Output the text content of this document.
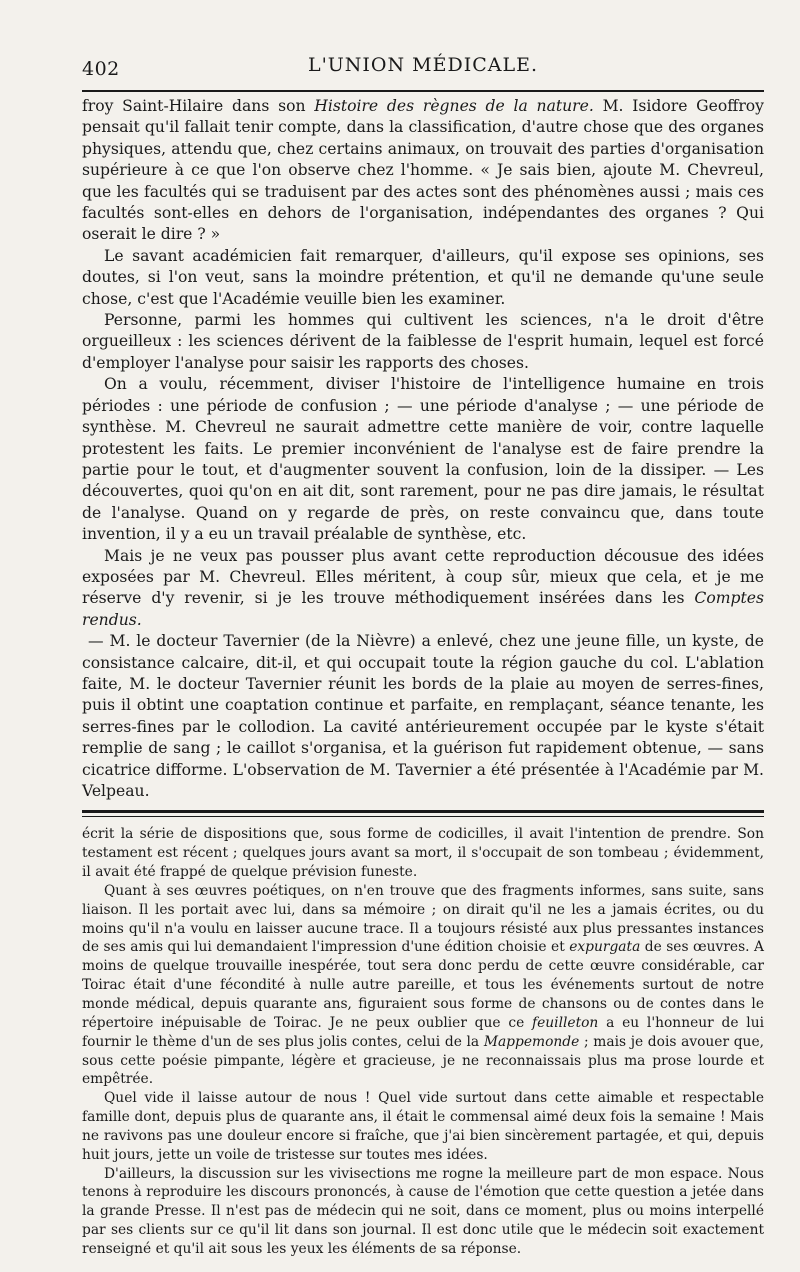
402	L'UNION MÉDICALE.

froy Saint-Hilaire dans son Histoire des règnes de la nature. M. Isidore Geoffroy pensait qu'il fallait tenir compte, dans la classification, d'autre chose que des organes physiques, attendu que, chez certains animaux, on trouvait des parties d'organisation supérieure à ce que l'on observe chez l'homme. « Je sais bien, ajoute M. Chevreul, que les facultés qui se traduisent par des actes sont des phénomènes aussi ; mais ces facultés sont-elles en dehors de l'organisation, indépendantes des organes ? Qui oserait le dire ? »

Le savant académicien fait remarquer, d'ailleurs, qu'il expose ses opinions, ses doutes, si l'on veut, sans la moindre prétention, et qu'il ne demande qu'une seule chose, c'est que l'Académie veuille bien les examiner.

Personne, parmi les hommes qui cultivent les sciences, n'a le droit d'être orgueilleux : les sciences dérivent de la faiblesse de l'esprit humain, lequel est forcé d'employer l'analyse pour saisir les rapports des choses.

On a voulu, récemment, diviser l'histoire de l'intelligence humaine en trois périodes : une période de confusion ; — une période d'analyse ; — une période de synthèse. M. Chevreul ne saurait admettre cette manière de voir, contre laquelle protestent les faits. Le premier inconvénient de l'analyse est de faire prendre la partie pour le tout, et d'augmenter souvent la confusion, loin de la dissiper. — Les découvertes, quoi qu'on en ait dit, sont rarement, pour ne pas dire jamais, le résultat de l'analyse. Quand on y regarde de près, on reste convaincu que, dans toute invention, il y a eu un travail préalable de synthèse, etc.

Mais je ne veux pas pousser plus avant cette reproduction décousue des idées exposées par M. Chevreul. Elles méritent, à coup sûr, mieux que cela, et je me réserve d'y revenir, si je les trouve méthodiquement insérées dans les Comptes rendus.

— M. le docteur Tavernier (de la Nièvre) a enlevé, chez une jeune fille, un kyste, de consistance calcaire, dit-il, et qui occupait toute la région gauche du col. L'ablation faite, M. le docteur Tavernier réunit les bords de la plaie au moyen de serres-fines, puis il obtint une coaptation continue et parfaite, en remplaçant, séance tenante, les serres-fines par le collodion. La cavité antérieurement occupée par le kyste s'était remplie de sang ; le caillot s'organisa, et la guérison fut rapidement obtenue, — sans cicatrice difforme. L'observation de M. Tavernier a été présentée à l'Académie par M. Velpeau.

écrit la série de dispositions que, sous forme de codicilles, il avait l'intention de prendre. Son testament est récent ; quelques jours avant sa mort, il s'occupait de son tombeau ; évidemment, il avait été frappé de quelque prévision funeste.

Quant à ses œuvres poétiques, on n'en trouve que des fragments informes, sans suite, sans liaison. Il les portait avec lui, dans sa mémoire ; on dirait qu'il ne les a jamais écrites, ou du moins qu'il n'a voulu en laisser aucune trace. Il a toujours résisté aux plus pressantes instances de ses amis qui lui demandaient l'impression d'une édition choisie et expurgata de ses œuvres. A moins de quelque trouvaille inespérée, tout sera donc perdu de cette œuvre considérable, car Toirac était d'une fécondité à nulle autre pareille, et tous les événements surtout de notre monde médical, depuis quarante ans, figuraient sous forme de chansons ou de contes dans le répertoire inépuisable de Toirac. Je ne peux oublier que ce feuilleton a eu l'honneur de lui fournir le thème d'un de ses plus jolis contes, celui de la Mappemonde ; mais je dois avouer que, sous cette poésie pimpante, légère et gracieuse, je ne reconnaissais plus ma prose lourde et empêtrée.

Quel vide il laisse autour de nous ! Quel vide surtout dans cette aimable et respectable famille dont, depuis plus de quarante ans, il était le commensal aimé deux fois la semaine ! Mais ne ravivons pas une douleur encore si fraîche, que j'ai bien sincèrement partagée, et qui, depuis huit jours, jette un voile de tristesse sur toutes mes idées.

D'ailleurs, la discussion sur les vivisections me rogne la meilleure part de mon espace. Nous tenons à reproduire les discours prononcés, à cause de l'émotion que cette question a jetée dans la grande Presse. Il n'est pas de médecin qui ne soit, dans ce moment, plus ou moins interpellé par ses clients sur ce qu'il lit dans son journal. Il est donc utile que le médecin soit exactement renseigné et qu'il ait sous les yeux les éléments de sa réponse.
